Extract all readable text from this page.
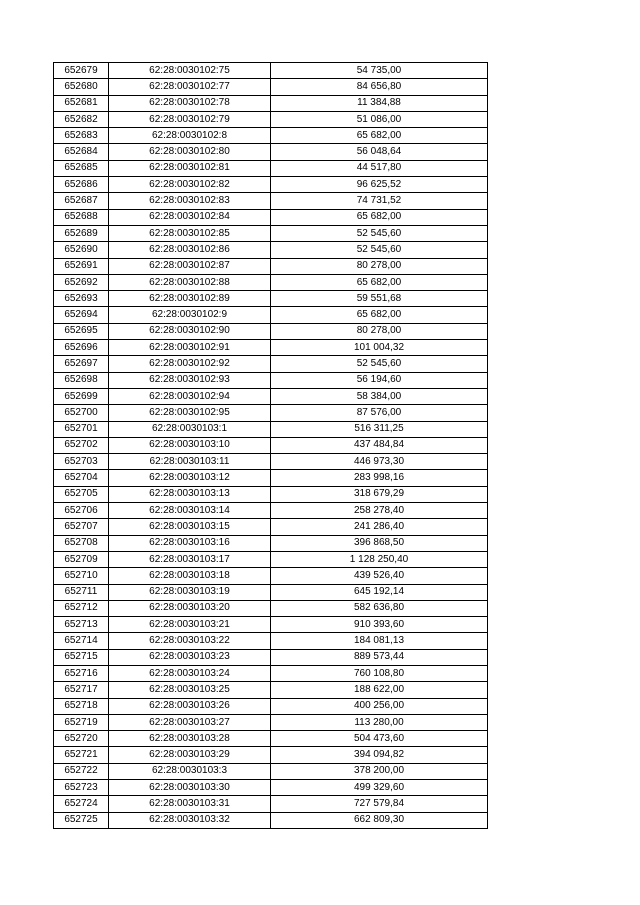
652679	62:28:0030102:75	54 735,00
652680	62:28:0030102:77	84 656,80
652681	62:28:0030102:78	11 384,88
652682	62:28:0030102:79	51 086,00
652683	62:28:0030102:8	65 682,00
652684	62:28:0030102:80	56 048,64
652685	62:28:0030102:81	44 517,80
652686	62:28:0030102:82	96 625,52
652687	62:28:0030102:83	74 731,52
652688	62:28:0030102:84	65 682,00
652689	62:28:0030102:85	52 545,60
652690	62:28:0030102:86	52 545,60
652691	62:28:0030102:87	80 278,00
652692	62:28:0030102:88	65 682,00
652693	62:28:0030102:89	59 551,68
652694	62:28:0030102:9	65 682,00
652695	62:28:0030102:90	80 278,00
652696	62:28:0030102:91	101 004,32
652697	62:28:0030102:92	52 545,60
652698	62:28:0030102:93	56 194,60
652699	62:28:0030102:94	58 384,00
652700	62:28:0030102:95	87 576,00
652701	62:28:0030103:1	516 311,25
652702	62:28:0030103:10	437 484,84
652703	62:28:0030103:11	446 973,30
652704	62:28:0030103:12	283 998,16
652705	62:28:0030103:13	318 679,29
652706	62:28:0030103:14	258 278,40
652707	62:28:0030103:15	241 286,40
652708	62:28:0030103:16	396 868,50
652709	62:28:0030103:17	1 128 250,40
652710	62:28:0030103:18	439 526,40
652711	62:28:0030103:19	645 192,14
652712	62:28:0030103:20	582 636,80
652713	62:28:0030103:21	910 393,60
652714	62:28:0030103:22	184 081,13
652715	62:28:0030103:23	889 573,44
652716	62:28:0030103:24	760 108,80
652717	62:28:0030103:25	188 622,00
652718	62:28:0030103:26	400 256,00
652719	62:28:0030103:27	113 280,00
652720	62:28:0030103:28	504 473,60
652721	62:28:0030103:29	394 094,82
652722	62:28:0030103:3	378 200,00
652723	62:28:0030103:30	499 329,60
652724	62:28:0030103:31	727 579,84
652725	62:28:0030103:32	662 809,30
